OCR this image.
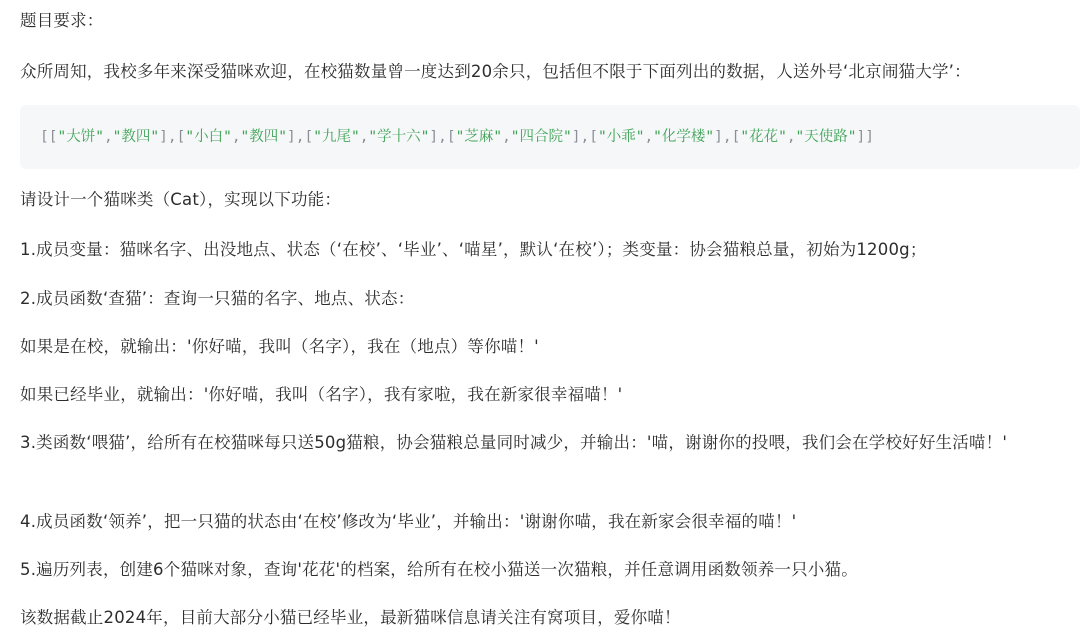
题目要求：
众所周知，我校多年来深受猫咪欢迎，在校猫数量曾一度达到20余只，包括但不限于下面列出的数据，人送外号‘北京闹猫大学’：
[["大饼","教四"],["小白","教四"],["九尾","学十六"],["芝麻","四合院"],["小乖","化学楼"],["花花","天使路"]]
请设计一个猫咪类（Cat），实现以下功能：
1.成员变量：猫咪名字、出没地点、状态（‘在校’、‘毕业’、‘喵星’，默认‘在校’）；类变量：协会猫粮总量，初始为1200g；
2.成员函数‘查猫’：查询一只猫的名字、地点、状态：
如果是在校，就输出：'你好喵，我叫（名字），我在（地点）等你喵！'
如果已经毕业，就输出：'你好喵，我叫（名字），我有家啦，我在新家很幸福喵！'
3.类函数‘喂猫’，给所有在校猫咪每只送50g猫粮，协会猫粮总量同时减少，并输出：'喵，谢谢你的投喂，我们会在学校好好生活喵！'
4.成员函数‘领养’，把一只猫的状态由‘在校’修改为‘毕业’，并输出：'谢谢你喵，我在新家会很幸福的喵！'
5.遍历列表，创建6个猫咪对象，查询'花花'的档案，给所有在校小猫送一次猫粮，并任意调用函数领养一只小猫。
该数据截止2024年，目前大部分小猫已经毕业，最新猫咪信息请关注有窝项目，爱你喵！
